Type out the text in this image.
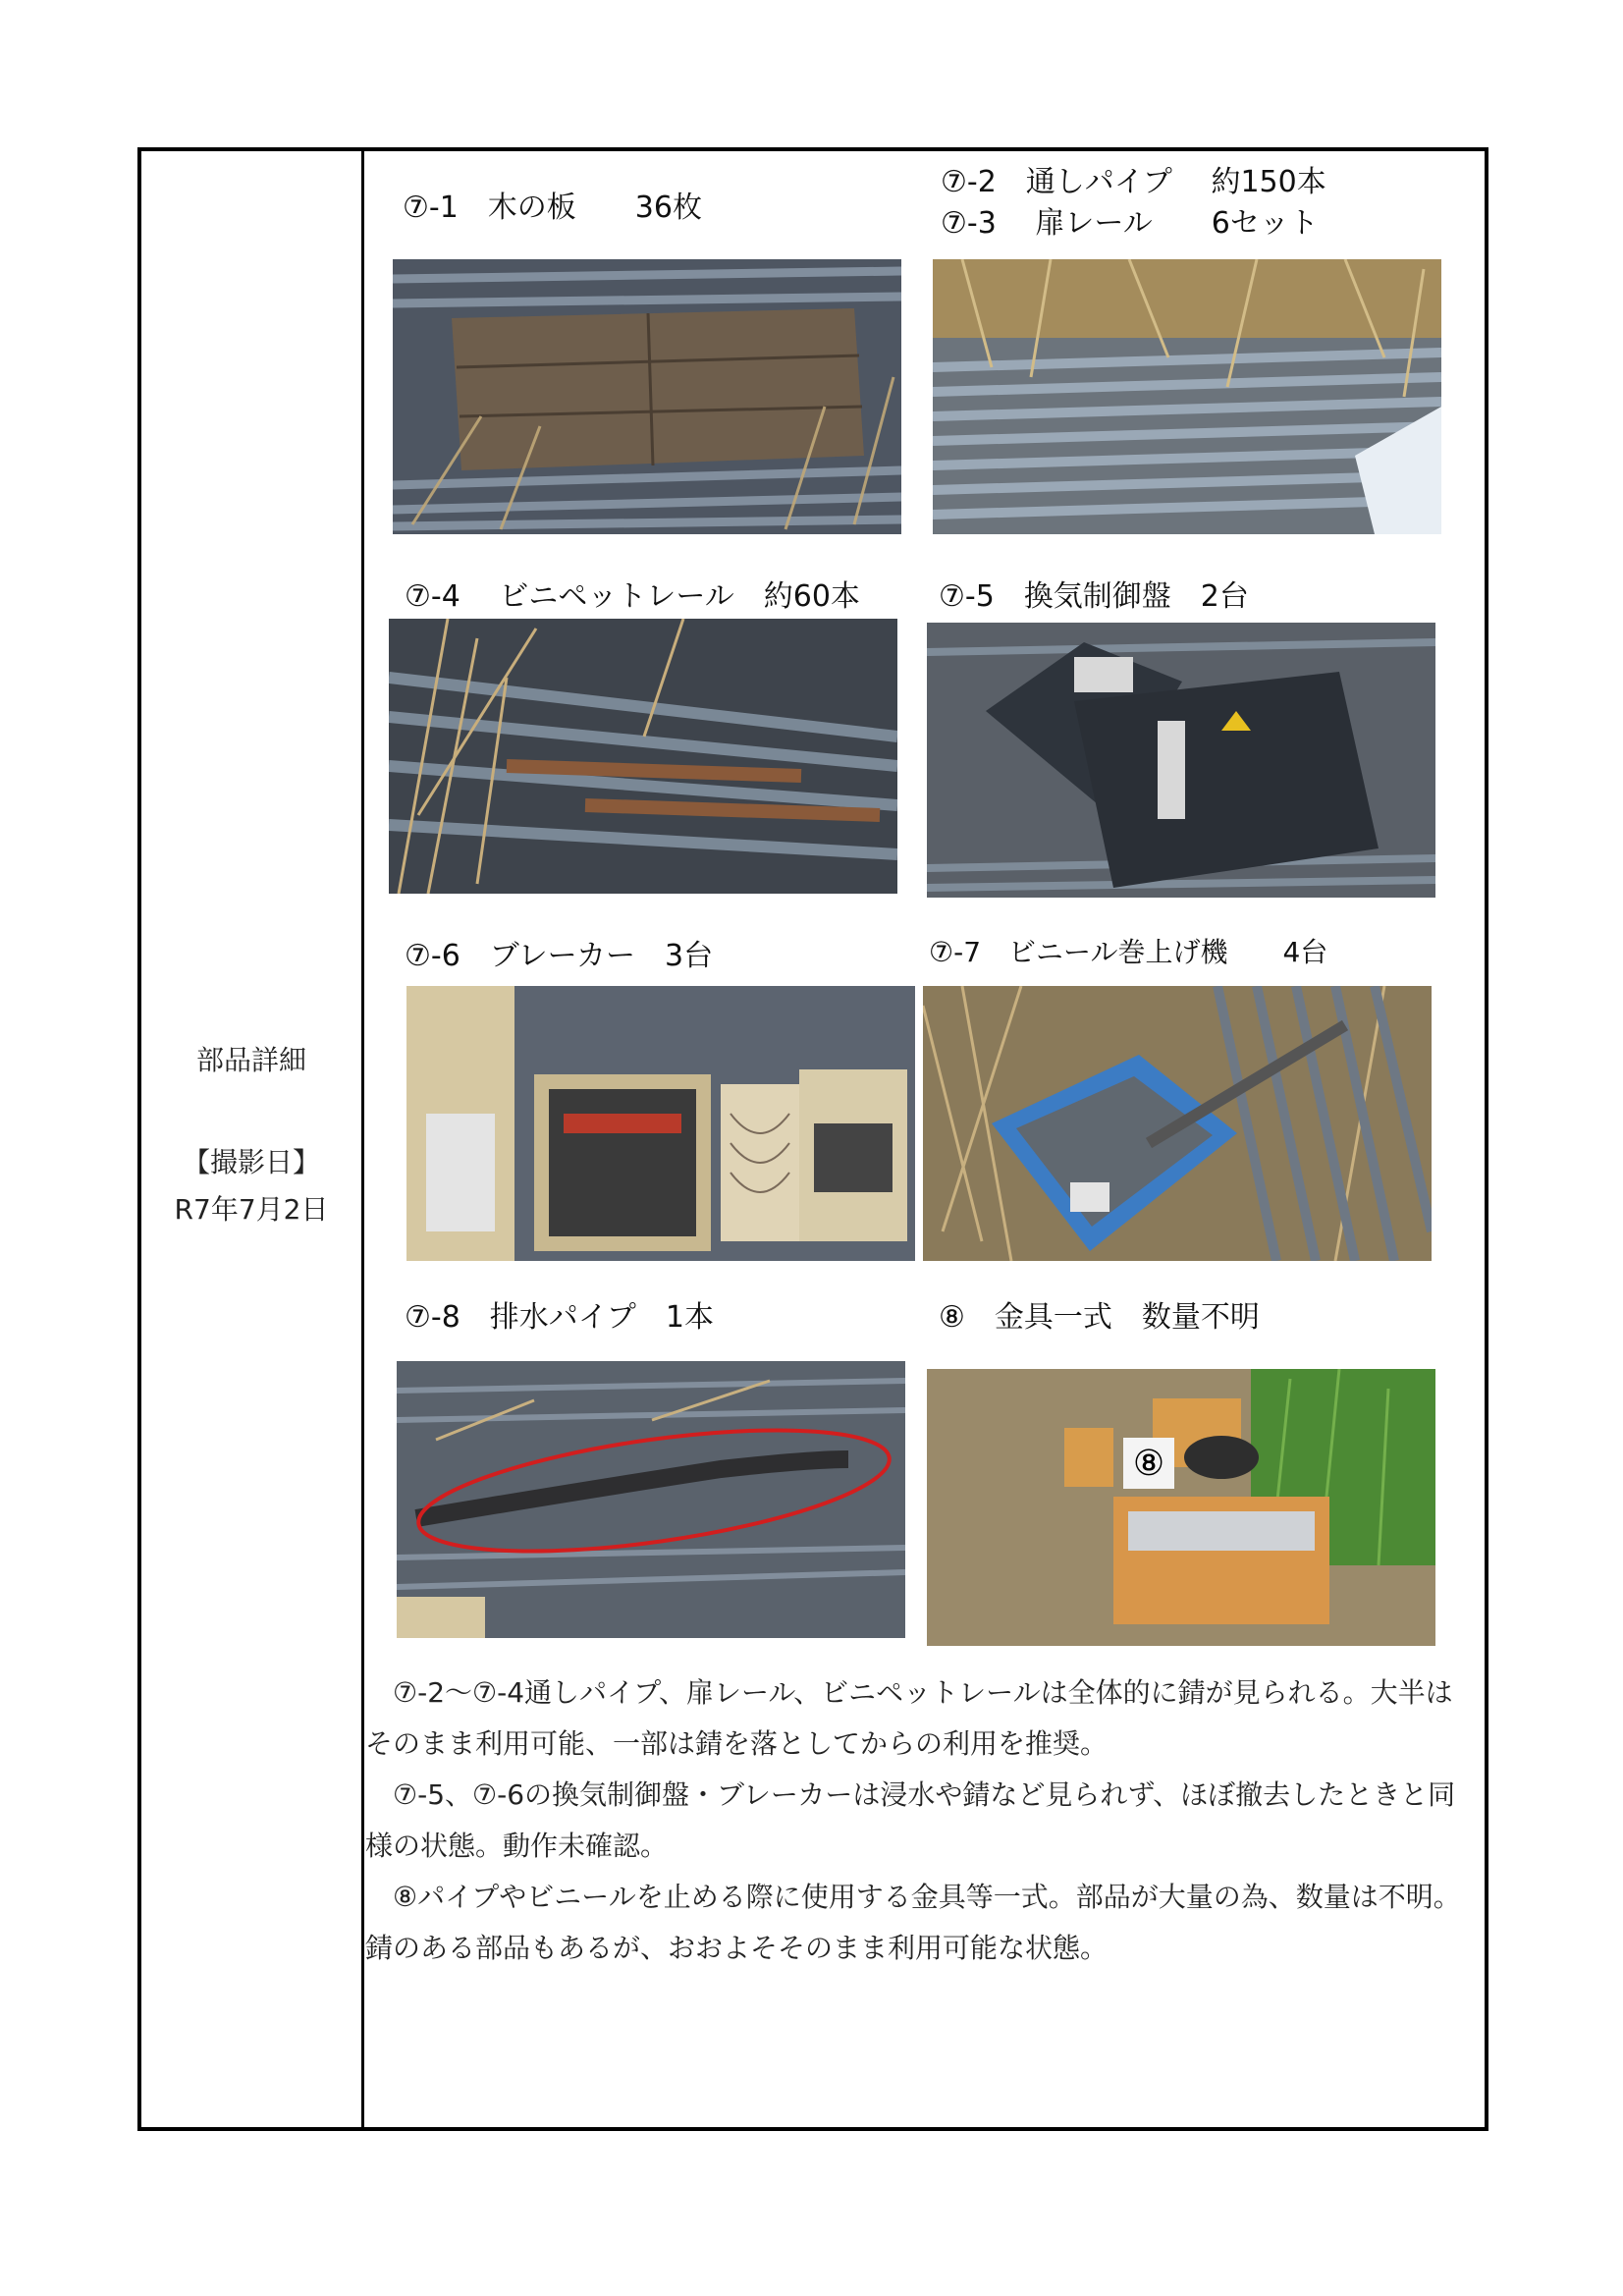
部品詳細
【撮影日】
R7年7月2日
⑦-1　木の板　　36枚
⑦-2　通しパイプ　 約150本
⑦-3　 扉レール　　6セット
⑦-4　 ビニペットレール　約60本	⑦-5　換気制御盤　2台
⑦-6　ブレーカー　3台	⑦-7　ビニール巻上げ機　　4台
⑦-8　排水パイプ　1本	⑧　金具一式　数量不明
⑧

⑦-2～⑦-4通しパイプ、扉レール、ビニペットレールは全体的に錆が見られる。大半はそのまま利用可能、一部は錆を落としてからの利用を推奨。

⑦-5、⑦-6の換気制御盤・ブレーカーは浸水や錆など見られず、ほぼ撤去したときと同様の状態。動作未確認。

⑧パイプやビニールを止める際に使用する金具等一式。部品が大量の為、数量は不明。錆のある部品もあるが、おおよそそのまま利用可能な状態。
